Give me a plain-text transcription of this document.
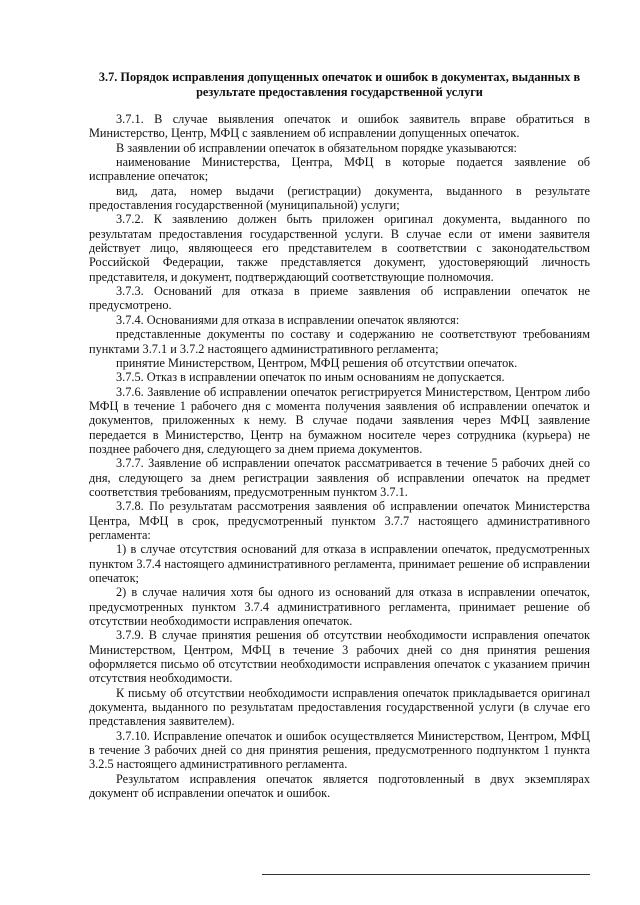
3.7. Порядок исправления допущенных опечаток и ошибок в документах, выданных в результате предоставления государственной услуги

3.7.1. В случае выявления опечаток и ошибок заявитель вправе обратиться в Министерство, Центр, МФЦ с заявлением об исправлении допущенных опечаток.

В заявлении об исправлении опечаток в обязательном порядке указываются:

наименование Министерства, Центра, МФЦ в которые подается заявление об исправление опечаток;

вид, дата, номер выдачи (регистрации) документа, выданного в результате предоставления государственной (муниципальной) услуги;

3.7.2. К заявлению должен быть приложен оригинал документа, выданного по результатам предоставления государственной услуги. В случае если от имени заявителя действует лицо, являющееся его представителем в соответствии с законодательством Российской Федерации, также представляется документ, удостоверяющий личность представителя, и документ, подтверждающий соответствующие полномочия.

3.7.3. Оснований для отказа в приеме заявления об исправлении опечаток не предусмотрено.

3.7.4. Основаниями для отказа в исправлении опечаток являются:

представленные документы по составу и содержанию не соответствуют требованиям пунктами 3.7.1 и 3.7.2 настоящего административного регламента;

принятие Министерством, Центром, МФЦ решения об отсутствии опечаток.

3.7.5. Отказ в исправлении опечаток по иным основаниям не допускается.

3.7.6. Заявление об исправлении опечаток регистрируется Министерством, Центром либо МФЦ в течение 1 рабочего дня с момента получения заявления об исправлении опечаток и документов, приложенных к нему. В случае подачи заявления через МФЦ заявление передается в Министерство, Центр на бумажном носителе через сотрудника (курьера) не позднее рабочего дня, следующего за днем приема документов.

3.7.7. Заявление об исправлении опечаток рассматривается в течение 5 рабочих дней со дня, следующего за днем регистрации заявления об исправлении опечаток на предмет соответствия требованиям, предусмотренным пунктом 3.7.1.

3.7.8. По результатам рассмотрения заявления об исправлении опечаток Министерства Центра, МФЦ в срок, предусмотренный пунктом 3.7.7 настоящего административного регламента:

1) в случае отсутствия оснований для отказа в исправлении опечаток, предусмотренных пунктом 3.7.4 настоящего административного регламента, принимает решение об исправлении опечаток;

2) в случае наличия хотя бы одного из оснований для отказа в исправлении опечаток, предусмотренных пунктом 3.7.4 административного регламента, принимает решение об отсутствии необходимости исправления опечаток.

3.7.9. В случае принятия решения об отсутствии необходимости исправления опечаток Министерством, Центром, МФЦ в течение 3 рабочих дней со дня принятия решения оформляется письмо об отсутствии необходимости исправления опечаток с указанием причин отсутствия необходимости.

К письму об отсутствии необходимости исправления опечаток прикладывается оригинал документа, выданного по результатам предоставления государственной услуги (в случае его представления заявителем).

3.7.10. Исправление опечаток и ошибок осуществляется Министерством, Центром, МФЦ в течение 3 рабочих дней со дня принятия решения, предусмотренного подпунктом 1 пункта 3.2.5 настоящего административного регламента.

Результатом исправления опечаток является подготовленный в двух экземплярах документ об исправлении опечаток и ошибок.
